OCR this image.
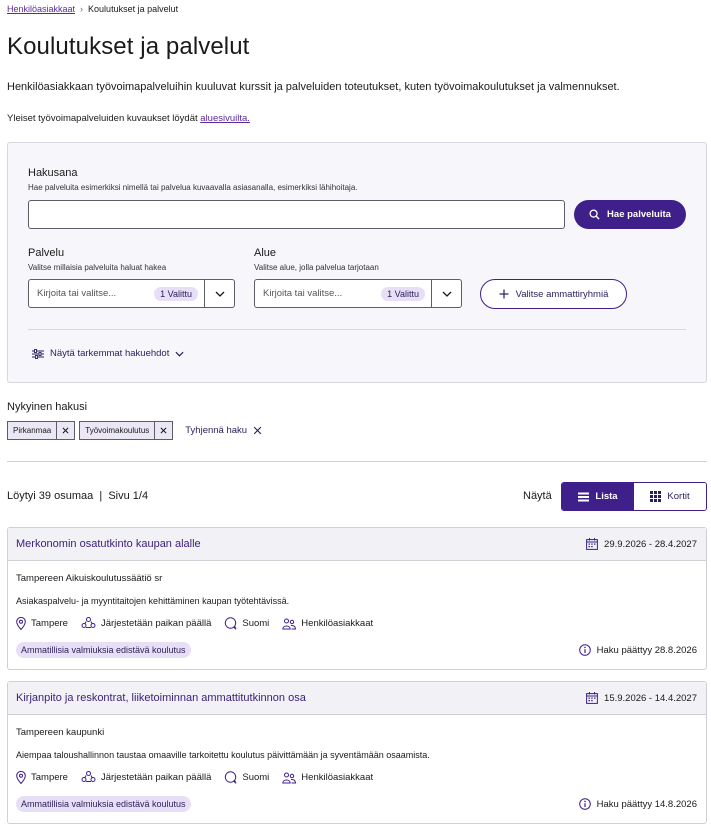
Henkilöasiakkaat › Koulutukset ja palvelut
Koulutukset ja palvelut

Henkilöasiakkaan työvoimapalveluihin kuuluvat kurssit ja palveluiden toteutukset, kuten työvoimakoulutukset ja valmennukset.

Yleiset työvoimapalveluiden kuvaukset löydät aluesivuilta.

Hakusana
Hae palveluita esimerkiksi nimellä tai palvelua kuvaavalla asiasanalla, esimerkiksi lähihoitaja.
Hae palveluita
Palvelu
Valitse millaisia palveluita haluat hakea
Kirjoita tai valitse...	1 Valittu
Alue
Valitse alue, jolla palvelua tarjotaan
Kirjoita tai valitse...	1 Valittu	Valitse ammattiryhmiä
Näytä tarkemmat hakuehdot
Nykyinen hakusi
Pirkanmaa	Työvoimakoulutus	Tyhjennä haku
Löytyi 39 osumaa  |  Sivu 1/4	Näytä	Lista	Kortit
Merkonomin osatutkinto kaupan alalle	29.9.2026 - 28.4.2027
Tampereen Aikuiskoulutussäätiö sr
Asiakaspalvelu- ja myyntitaitojen kehittäminen kaupan työtehtävissä.
Tampere	Järjestetään paikan päällä	Suomi	Henkilöasiakkaat
Ammatillisia valmiuksia edistävä koulutus	Haku päättyy 28.8.2026
Kirjanpito ja reskontrat, liiketoiminnan ammattitutkinnon osa	15.9.2026 - 14.4.2027
Tampereen kaupunki
Aiempaa taloushallinnon taustaa omaaville tarkoitettu koulutus päivittämään ja syventämään osaamista.
Tampere	Järjestetään paikan päällä	Suomi	Henkilöasiakkaat
Ammatillisia valmiuksia edistävä koulutus	Haku päättyy 14.8.2026
